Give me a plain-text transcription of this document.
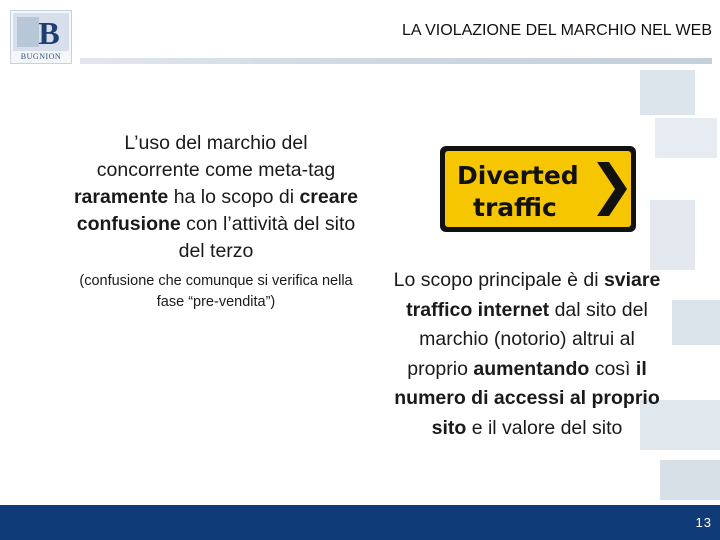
B
BUGNION
LA VIOLAZIONE DEL MARCHIO NEL WEB
L’uso del marchio del concorrente come meta-tag raramente ha lo scopo di creare confusione con l’attività del sito del terzo
(confusione che comunque si verifica nella fase “pre-vendita”)
Diverted
traffic
Lo scopo principale è di sviare traffico internet dal sito del marchio (notorio) altrui al proprio aumentando così il numero di accessi al proprio sito e il valore del sito
13
